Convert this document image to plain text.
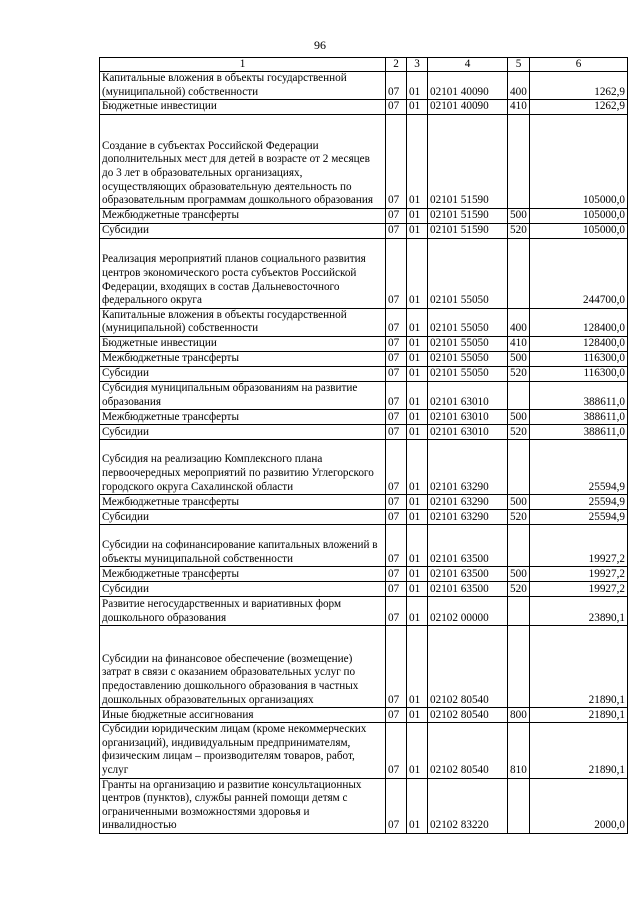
96
1	2	3	4	5	6
Капитальные вложения в объекты государственной (муниципальной) собственности	07	01	02101 40090	400	1262,9
Бюджетные инвестиции	07	01	02101 40090	410	1262,9
Создание в субъектах Российской Федерации дополнительных мест для детей в возрасте от 2 месяцев до 3 лет в образовательных организациях, осуществляющих образовательную деятельность по образовательным программам дошкольного образования	07	01	02101 51590		105000,0
Межбюджетные трансферты	07	01	02101 51590	500	105000,0
Субсидии	07	01	02101 51590	520	105000,0
Реализация мероприятий планов социального развития центров экономического роста субъектов Российской Федерации, входящих в состав Дальневосточного федерального округа	07	01	02101 55050		244700,0
Капитальные вложения в объекты государственной (муниципальной) собственности	07	01	02101 55050	400	128400,0
Бюджетные инвестиции	07	01	02101 55050	410	128400,0
Межбюджетные трансферты	07	01	02101 55050	500	116300,0
Субсидии	07	01	02101 55050	520	116300,0
Субсидия муниципальным образованиям на развитие образования	07	01	02101 63010		388611,0
Межбюджетные трансферты	07	01	02101 63010	500	388611,0
Субсидии	07	01	02101 63010	520	388611,0
Субсидия на реализацию Комплексного плана первоочередных мероприятий по развитию Углегорского городского округа Сахалинской области	07	01	02101 63290		25594,9
Межбюджетные трансферты	07	01	02101 63290	500	25594,9
Субсидии	07	01	02101 63290	520	25594,9
Субсидии на софинансирование капитальных вложений в объекты муниципальной собственности	07	01	02101 63500		19927,2
Межбюджетные трансферты	07	01	02101 63500	500	19927,2
Субсидии	07	01	02101 63500	520	19927,2
Развитие негосударственных и вариативных форм дошкольного образования	07	01	02102 00000		23890,1
Субсидии на финансовое обеспечение (возмещение) затрат в связи с оказанием образовательных услуг по предоставлению дошкольного образования в частных дошкольных образовательных организациях	07	01	02102 80540		21890,1
Иные бюджетные ассигнования	07	01	02102 80540	800	21890,1
Субсидии юридическим лицам (кроме некоммерческих организаций), индивидуальным предпринимателям, физическим лицам – производителям товаров, работ, услуг	07	01	02102 80540	810	21890,1
Гранты на организацию и развитие консультационных центров (пунктов), службы ранней помощи детям с ограниченными возможностями здоровья и инвалидностью	07	01	02102 83220		2000,0
